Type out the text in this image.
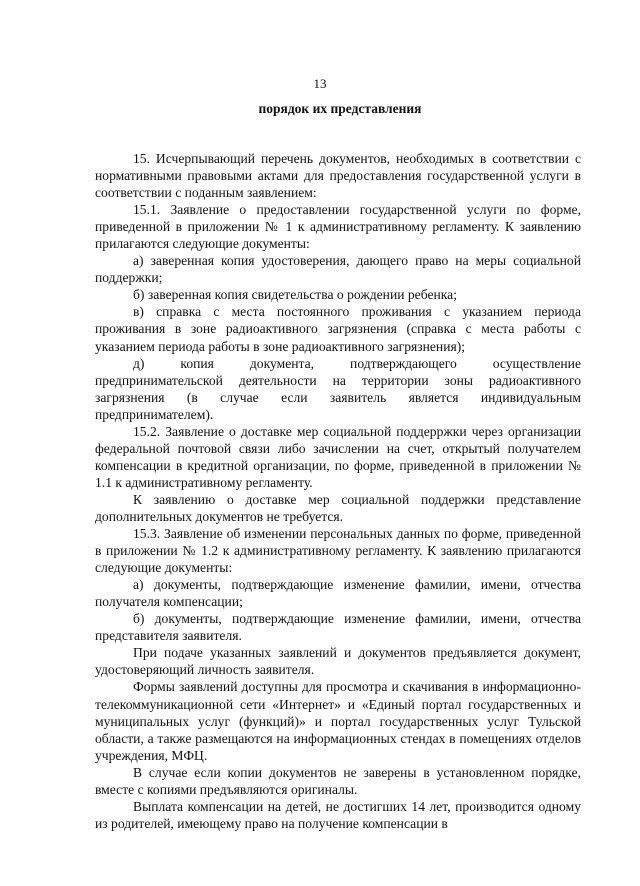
13
порядок их представления

15. Исчерпывающий перечень документов, необходимых в соответствии с нормативными правовыми актами для предоставления государственной услуги в соответствии с поданным заявлением:

15.1. Заявление о предоставлении государственной услуги по форме, приведенной в приложении № 1 к административному регламенту. К заявлению прилагаются следующие документы:

а) заверенная копия удостоверения, дающего право на меры социальной поддержки;

б) заверенная копия свидетельства о рождении ребенка;

в) справка с места постоянного проживания с указанием периода проживания в зоне радиоактивного загрязнения (справка с места работы с указанием периода работы в зоне радиоактивного загрязнения);

д) копия документа, подтверждающего осуществление предпринимательской деятельности на территории зоны радиоактивного загрязнения (в случае если заявитель является индивидуальным предпринимателем).

15.2. Заявление о доставке мер социальной поддерржки через организации федеральной почтовой связи либо зачислении на счет, открытый получателем компенсации в кредитной организации, по форме, приведенной в приложении № 1.1 к административному регламенту.

К заявлению о доставке мер социальной поддержки представление дополнительных документов не требуется.

15.3. Заявление об изменении персональных данных по форме, приведенной в приложении № 1.2 к административному регламенту. К заявлению прилагаются следующие документы:

а) документы, подтверждающие изменение фамилии, имени, отчества получателя компенсации;

б) документы, подтверждающие изменение фамилии, имени, отчества представителя заявителя.

При подаче указанных заявлений и документов предъявляется документ, удостоверяющий личность заявителя.

Формы заявлений доступны для просмотра и скачивания в информационно-телекоммуникационной сети «Интернет» и «Единый портал государственных и муниципальных услуг (функций)» и портал государственных услуг Тульской области, а также размещаются на информационных стендах в помещениях отделов учреждения, МФЦ.

В случае если копии документов не заверены в установленном порядке, вместе с копиями предъявляются оригиналы.

Выплата компенсации на детей, не достигших 14 лет, производится одному из родителей, имеющему право на получение компенсации в
